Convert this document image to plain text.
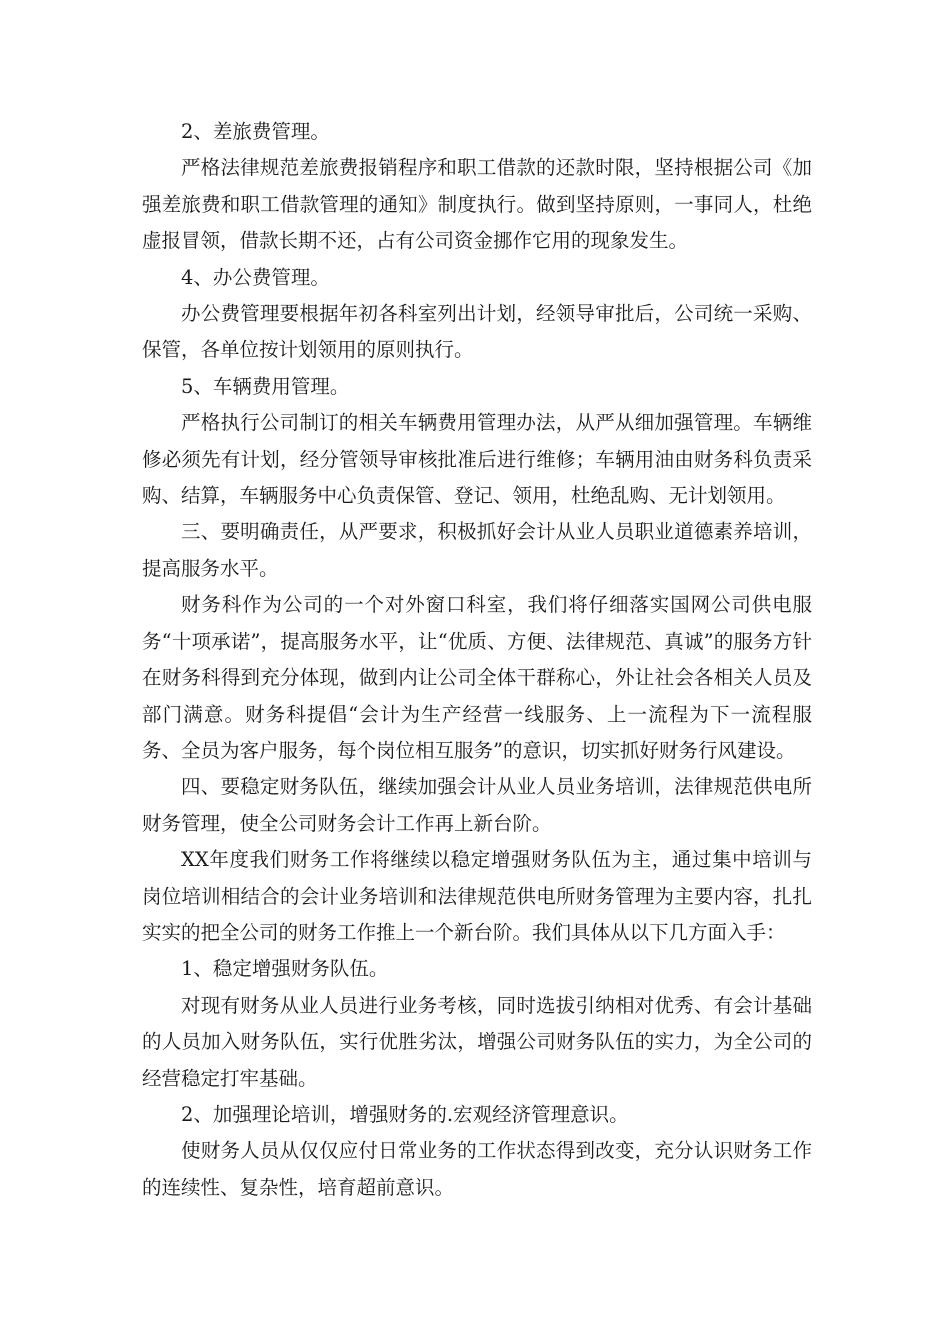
2、差旅费管理。

严格法律规范差旅费报销程序和职工借款的还款时限，坚持根据公司《加强差旅费和职工借款管理的通知》制度执行。做到坚持原则，一事同人，杜绝虚报冒领，借款长期不还，占有公司资金挪作它用的现象发生。

4、办公费管理。

办公费管理要根据年初各科室列出计划，经领导审批后，公司统一采购、保管，各单位按计划领用的原则执行。

5、车辆费用管理。

严格执行公司制订的相关车辆费用管理办法，从严从细加强管理。车辆维修必须先有计划，经分管领导审核批准后进行维修；车辆用油由财务科负责采购、结算，车辆服务中心负责保管、登记、领用，杜绝乱购、无计划领用。

三、要明确责任，从严要求，积极抓好会计从业人员职业道德素养培训，提高服务水平。

财务科作为公司的一个对外窗口科室，我们将仔细落实国网公司供电服务“十项承诺”，提高服务水平，让“优质、方便、法律规范、真诚”的服务方针在财务科得到充分体现，做到内让公司全体干群称心，外让社会各相关人员及部门满意。财务科提倡“会计为生产经营一线服务、上一流程为下一流程服务、全员为客户服务，每个岗位相互服务”的意识，切实抓好财务行风建设。

四、要稳定财务队伍，继续加强会计从业人员业务培训，法律规范供电所财务管理，使全公司财务会计工作再上新台阶。

XX年度我们财务工作将继续以稳定增强财务队伍为主，通过集中培训与岗位培训相结合的会计业务培训和法律规范供电所财务管理为主要内容，扎扎实实的把全公司的财务工作推上一个新台阶。我们具体从以下几方面入手：

1、稳定增强财务队伍。

对现有财务从业人员进行业务考核，同时选拔引纳相对优秀、有会计基础的人员加入财务队伍，实行优胜劣汰，增强公司财务队伍的实力，为全公司的经营稳定打牢基础。

2、加强理论培训，增强财务的.宏观经济管理意识。

使财务人员从仅仅应付日常业务的工作状态得到改变，充分认识财务工作的连续性、复杂性，培育超前意识。
